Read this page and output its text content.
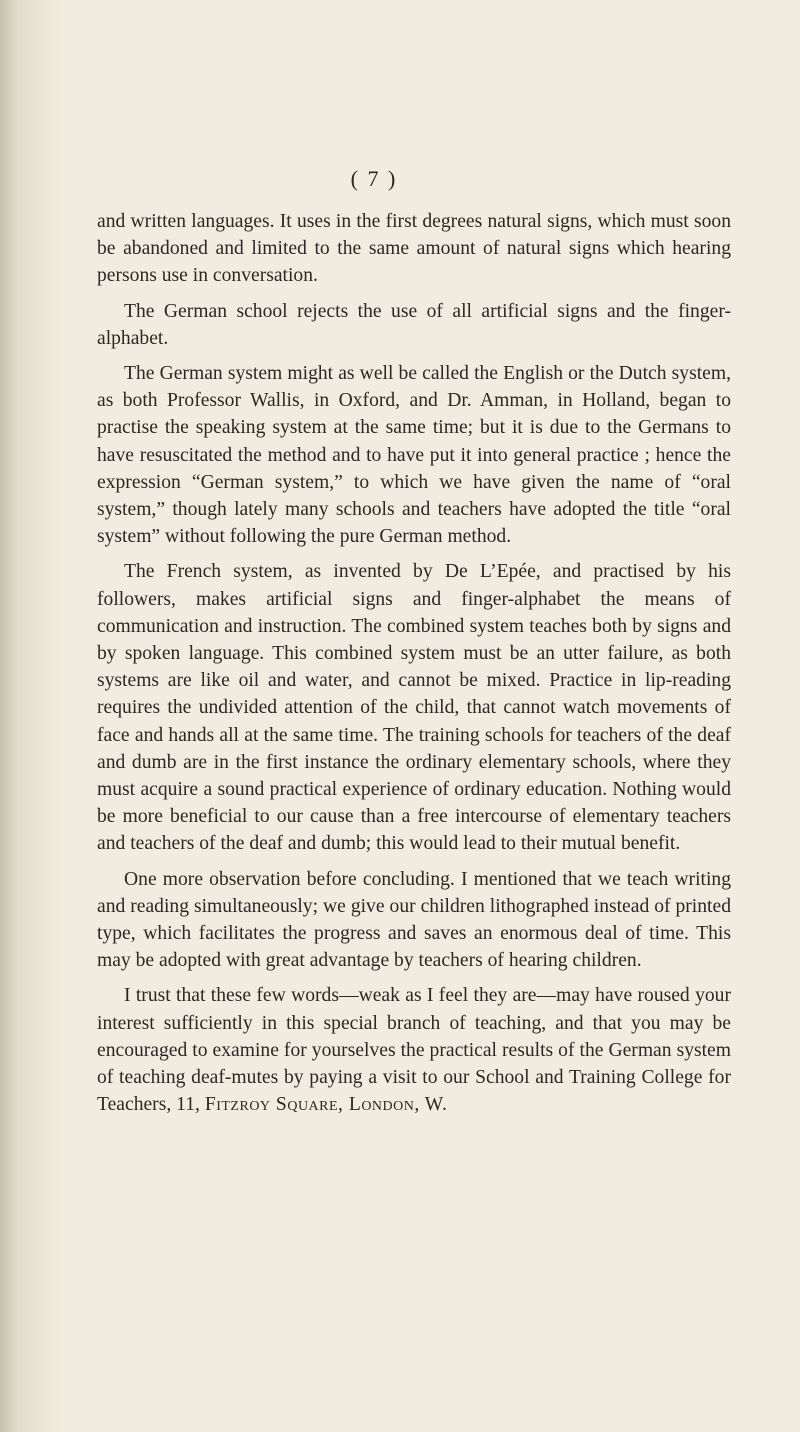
( 7 )

and written languages. It uses in the first degrees natural signs, which must soon be abandoned and limited to the same amount of natural signs which hearing persons use in conversation.

The German school rejects the use of all artificial signs and the finger-alphabet.

The German system might as well be called the English or the Dutch system, as both Professor Wallis, in Oxford, and Dr. Amman, in Holland, began to practise the speaking system at the same time; but it is due to the Germans to have resuscitated the method and to have put it into general practice ; hence the expression “German system,” to which we have given the name of “oral system,” though lately many schools and teachers have adopted the title “oral system” without following the pure German method.

The French system, as invented by De L’Epée, and practised by his followers, makes artificial signs and finger-alphabet the means of communication and instruction. The combined system teaches both by signs and by spoken language. This combined system must be an utter failure, as both systems are like oil and water, and cannot be mixed. Practice in lip-reading requires the undivided attention of the child, that cannot watch movements of face and hands all at the same time. The training schools for teachers of the deaf and dumb are in the first instance the ordinary elementary schools, where they must acquire a sound practical experience of ordinary education. Nothing would be more beneficial to our cause than a free intercourse of elementary teachers and teachers of the deaf and dumb; this would lead to their mutual benefit.

One more observation before concluding. I mentioned that we teach writing and reading simultaneously; we give our children lithographed instead of printed type, which facilitates the progress and saves an enormous deal of time. This may be adopted with great advantage by teachers of hearing children.

I trust that these few words—weak as I feel they are—may have roused your interest sufficiently in this special branch of teaching, and that you may be encouraged to examine for yourselves the practical results of the German system of teaching deaf-mutes by paying a visit to our School and Training College for Teachers, 11, Fitzroy Square, London, W.
